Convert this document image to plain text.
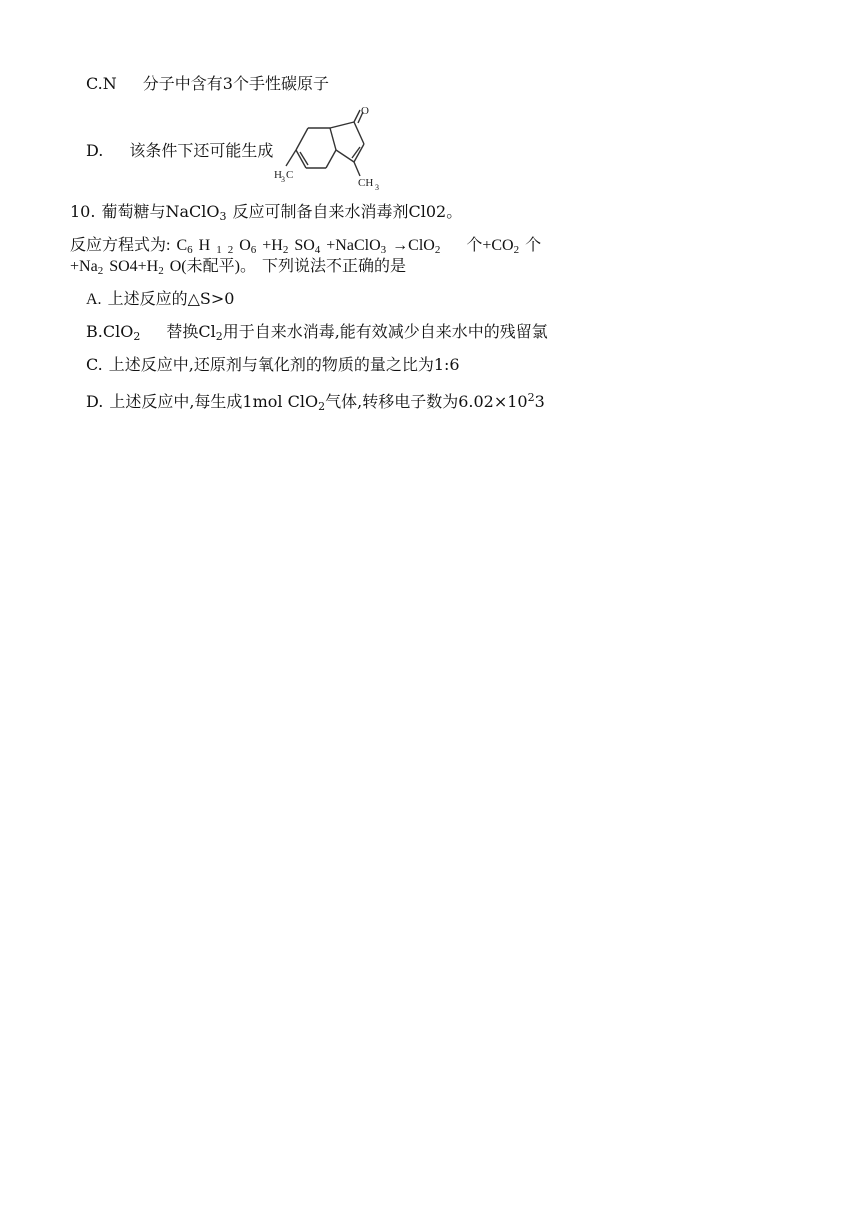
C.N 分子中含有3个手性碳原子
D. 该条件下还可能生成
O
H 3 C
CH 3
10. 葡萄糖与NaClO$_3$ 反应可制备自来水消毒剂Cl02。
反应方程式为: $C_6$ H $_1$ $_2$ $O_6 +H_2$ $SO_4$ +NaClO$_3$ →ClO$_2$ 个$+CO_2$ 个
$+Na_2$ $SO4+H_2$ O(未配平)。 下列说法不正确的是
A. 上述反应的△S>0
B.ClO$_2$ 替换$Cl_2$用于自来水消毒,能有效减少自来水中的残留氯
C. 上述反应中,还原剂与氧化剂的物质的量之比为1:6
D. 上述反应中,每生成1mol ClO$_2$气体,转移电子数为$6.02\times 10^23$
